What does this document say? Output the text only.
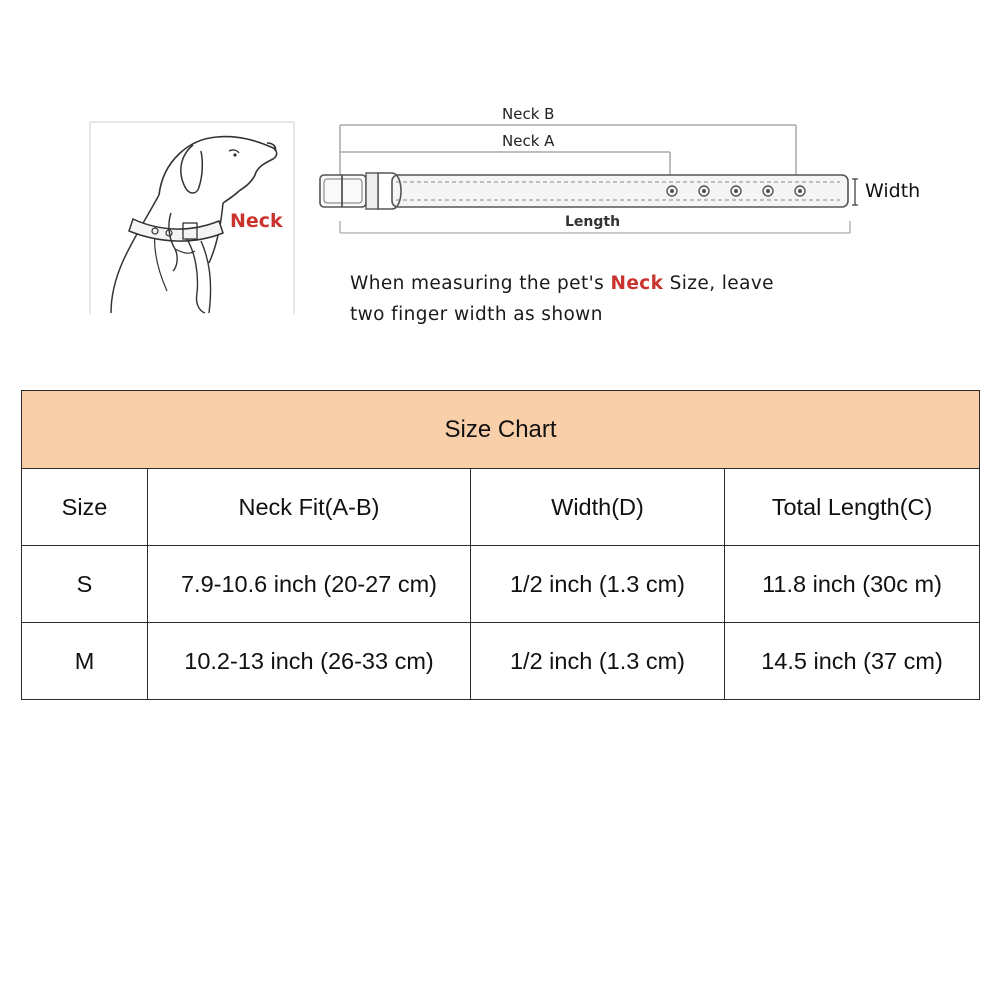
Neck
Neck B
Neck A
Length
Width
When measuring the pet's Neck Size, leave
two finger width as shown
Size Chart			
Size	Neck Fit(A-B)	Width(D)	Total Length(C)
S	7.9-10.6 inch (20-27 cm)	1/2 inch (1.3 cm)	11.8 inch (30c m)
M	10.2-13 inch (26-33 cm)	1/2 inch (1.3 cm)	14.5 inch (37 cm)
